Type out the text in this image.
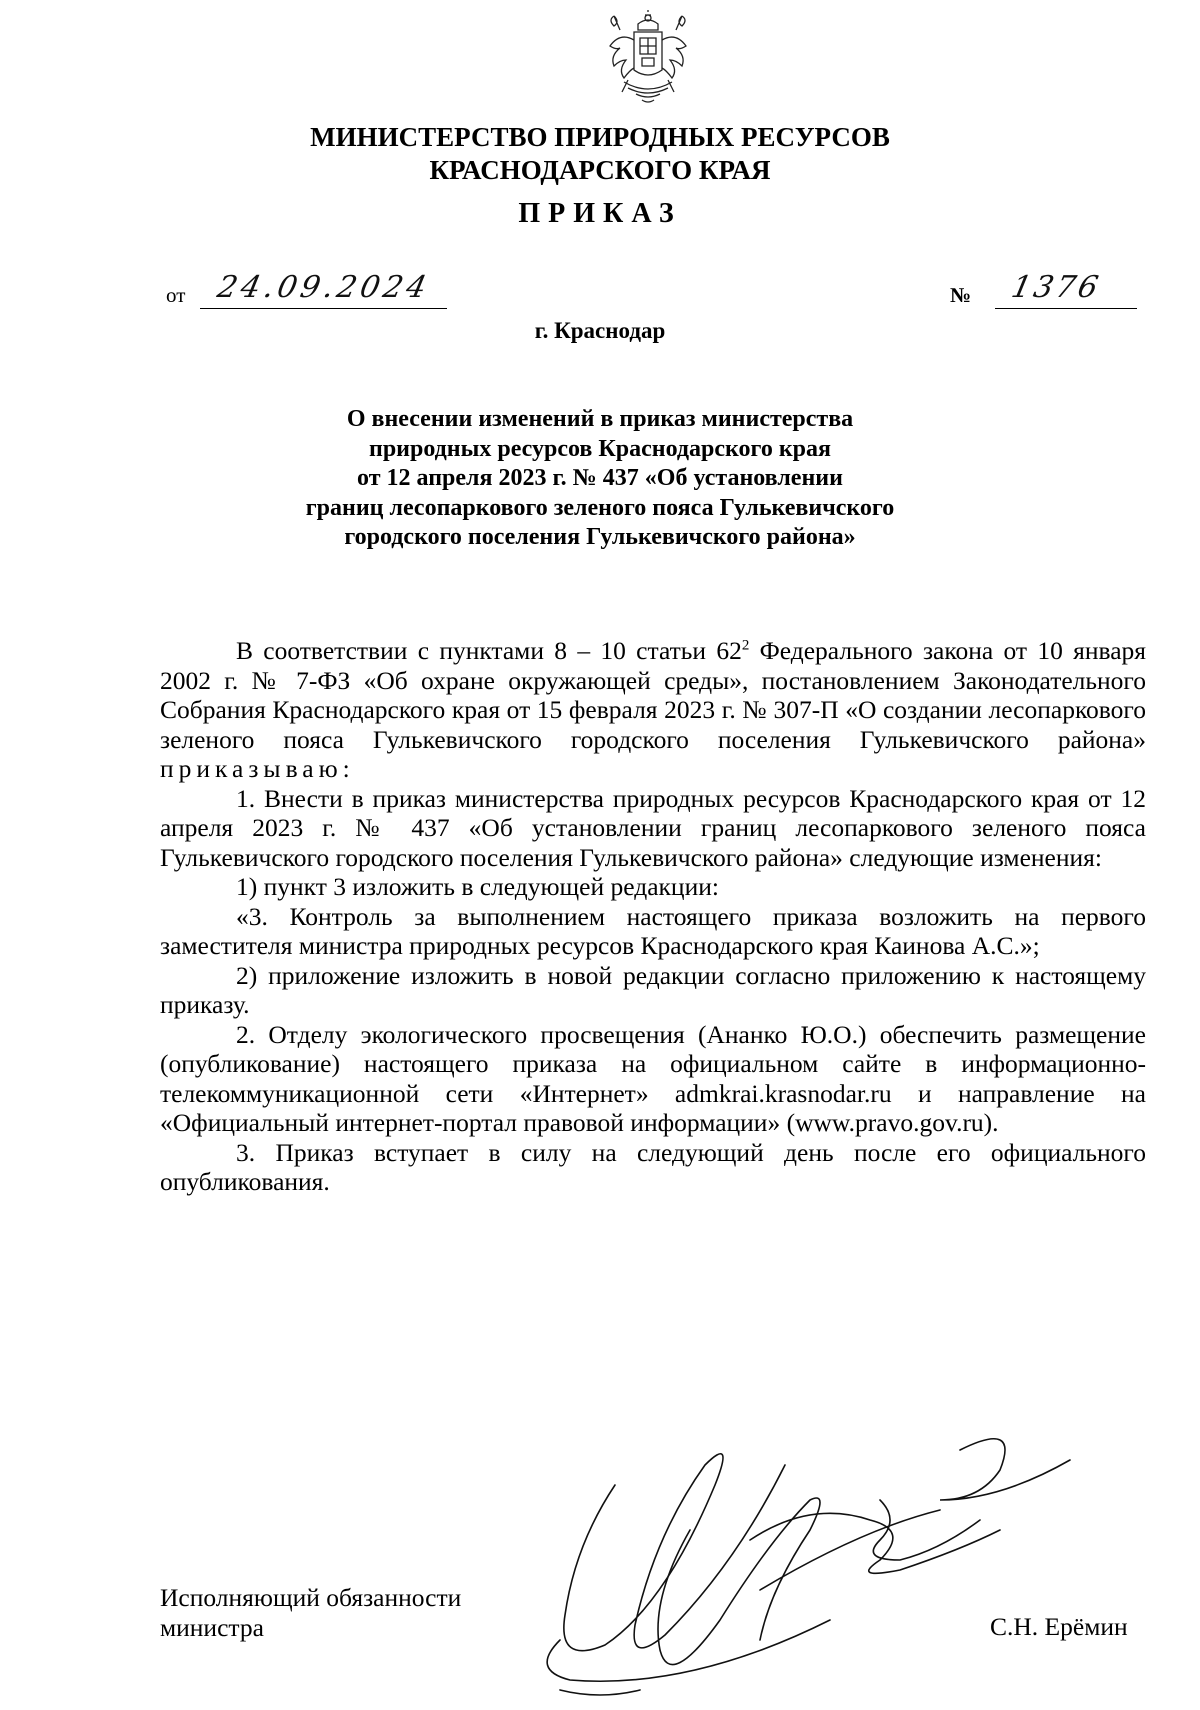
МИНИСТЕРСТВО ПРИРОДНЫХ РЕСУРСОВ
КРАСНОДАРСКОГО КРАЯ
ПРИКАЗ
от 24.09.2024	№ 1376
г. Краснодар
О внесении изменений в приказ министерства
природных ресурсов Краснодарского края
от 12 апреля 2023 г. № 437 «Об установлении
границ лесопаркового зеленого пояса Гулькевичского
городского поселения Гулькевичского района»

В соответствии с пунктами 8 – 10 статьи $62^2$ Федерального закона от 10 января 2002 г. № 7-ФЗ «Об охране окружающей среды», постановлением Законодательного Собрания Краснодарского края от 15 февраля 2023 г. № 307-П «О создании лесопаркового зеленого пояса Гулькевичского городского поселения Гулькевичского района» приказываю:

1. Внести в приказ министерства природных ресурсов Краснодарского края от 12 апреля 2023 г. № 437 «Об установлении границ лесопаркового зеленого пояса Гулькевичского городского поселения Гулькевичского района» следующие изменения:

1) пункт 3 изложить в следующей редакции:

«3. Контроль за выполнением настоящего приказа возложить на первого заместителя министра природных ресурсов Краснодарского края Каинова А.С.»;

2) приложение изложить в новой редакции согласно приложению к настоящему приказу.

2. Отделу экологического просвещения (Ананко Ю.О.) обеспечить размещение (опубликование) настоящего приказа на официальном сайте в информационно-телекоммуникационной сети «Интернет» admkrai.krasnodar.ru и направление на «Официальный интернет-портал правовой информации» (www.pravo.gov.ru).

3. Приказ вступает в силу на следующий день после его официального опубликования.

Исполняющий обязанности
министра	С.Н. Ерёмин
